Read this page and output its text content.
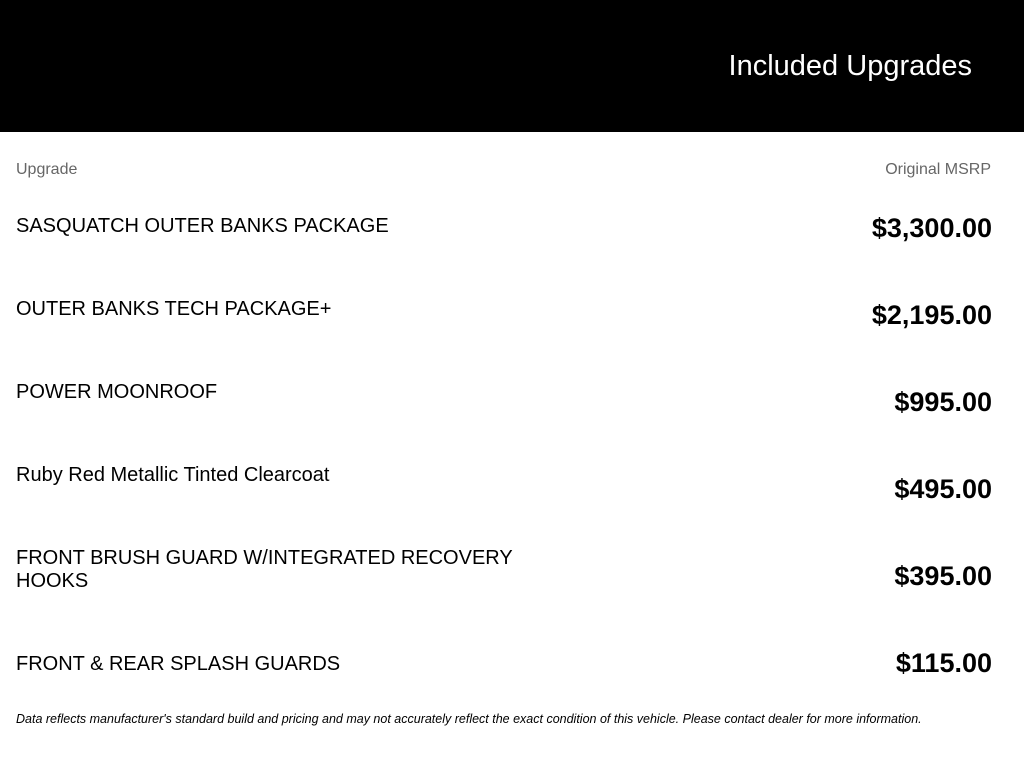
Included Upgrades
Upgrade	Original MSRP
SASQUATCH OUTER BANKS PACKAGE	$3,300.00
OUTER BANKS TECH PACKAGE+	$2,195.00
POWER MOONROOF	$995.00
Ruby Red Metallic Tinted Clearcoat	$495.00
FRONT BRUSH GUARD W/INTEGRATED RECOVERY HOOKS	$395.00
FRONT & REAR SPLASH GUARDS	$115.00
Data reflects manufacturer's standard build and pricing and may not accurately reflect the exact condition of this vehicle. Please contact dealer for more information.
